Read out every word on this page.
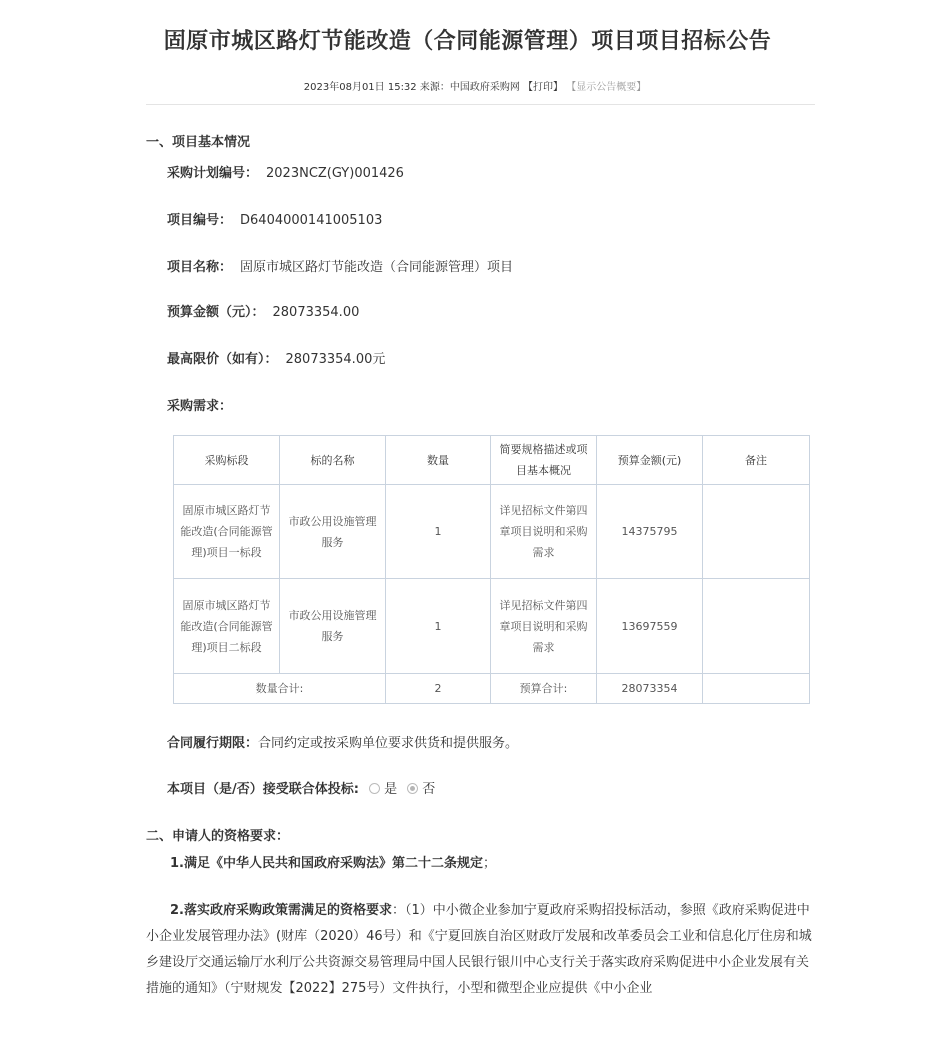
固原市城区路灯节能改造（合同能源管理）项目项目招标公告
2023年08月01日 15:32 来源：中国政府采购网 【打印】 【显示公告概要】
一、项目基本情况
采购计划编号： 2023NCZ(GY)001426
项目编号： D6404000141005103
项目名称： 固原市城区路灯节能改造（合同能源管理）项目
预算金额（元）： 28073354.00
最高限价（如有）： 28073354.00元
采购需求：
采购标段	标的名称	数量	简要规格描述或项目基本概况	预算金额(元)	备注
固原市城区路灯节能改造(合同能源管理)项目一标段	市政公用设施管理服务	1	详见招标文件第四章项目说明和采购需求	14375795	
固原市城区路灯节能改造(合同能源管理)项目二标段	市政公用设施管理服务	1	详见招标文件第四章项目说明和采购需求	13697559	
数量合计:		2	预算合计:	28073354	
合同履行期限：合同约定或按采购单位要求供货和提供服务。
本项目（是/否）接受联合体投标: 是 否
二、申请人的资格要求：
1.满足《中华人民共和国政府采购法》第二十二条规定；
2.落实政府采购政策需满足的资格要求：（1）中小微企业参加宁夏政府采购招投标活动，参照《政府采购促进中小企业发展管理办法》(财库（2020）46号）和《宁夏回族自治区财政厅发展和改革委员会工业和信息化厅住房和城乡建设厅交通运输厅水利厅公共资源交易管理局中国人民银行银川中心支行关于落实政府采购促进中小企业发展有关措施的通知》（宁财规发【2022】275号）文件执行，小型和微型企业应提供《中小企业
